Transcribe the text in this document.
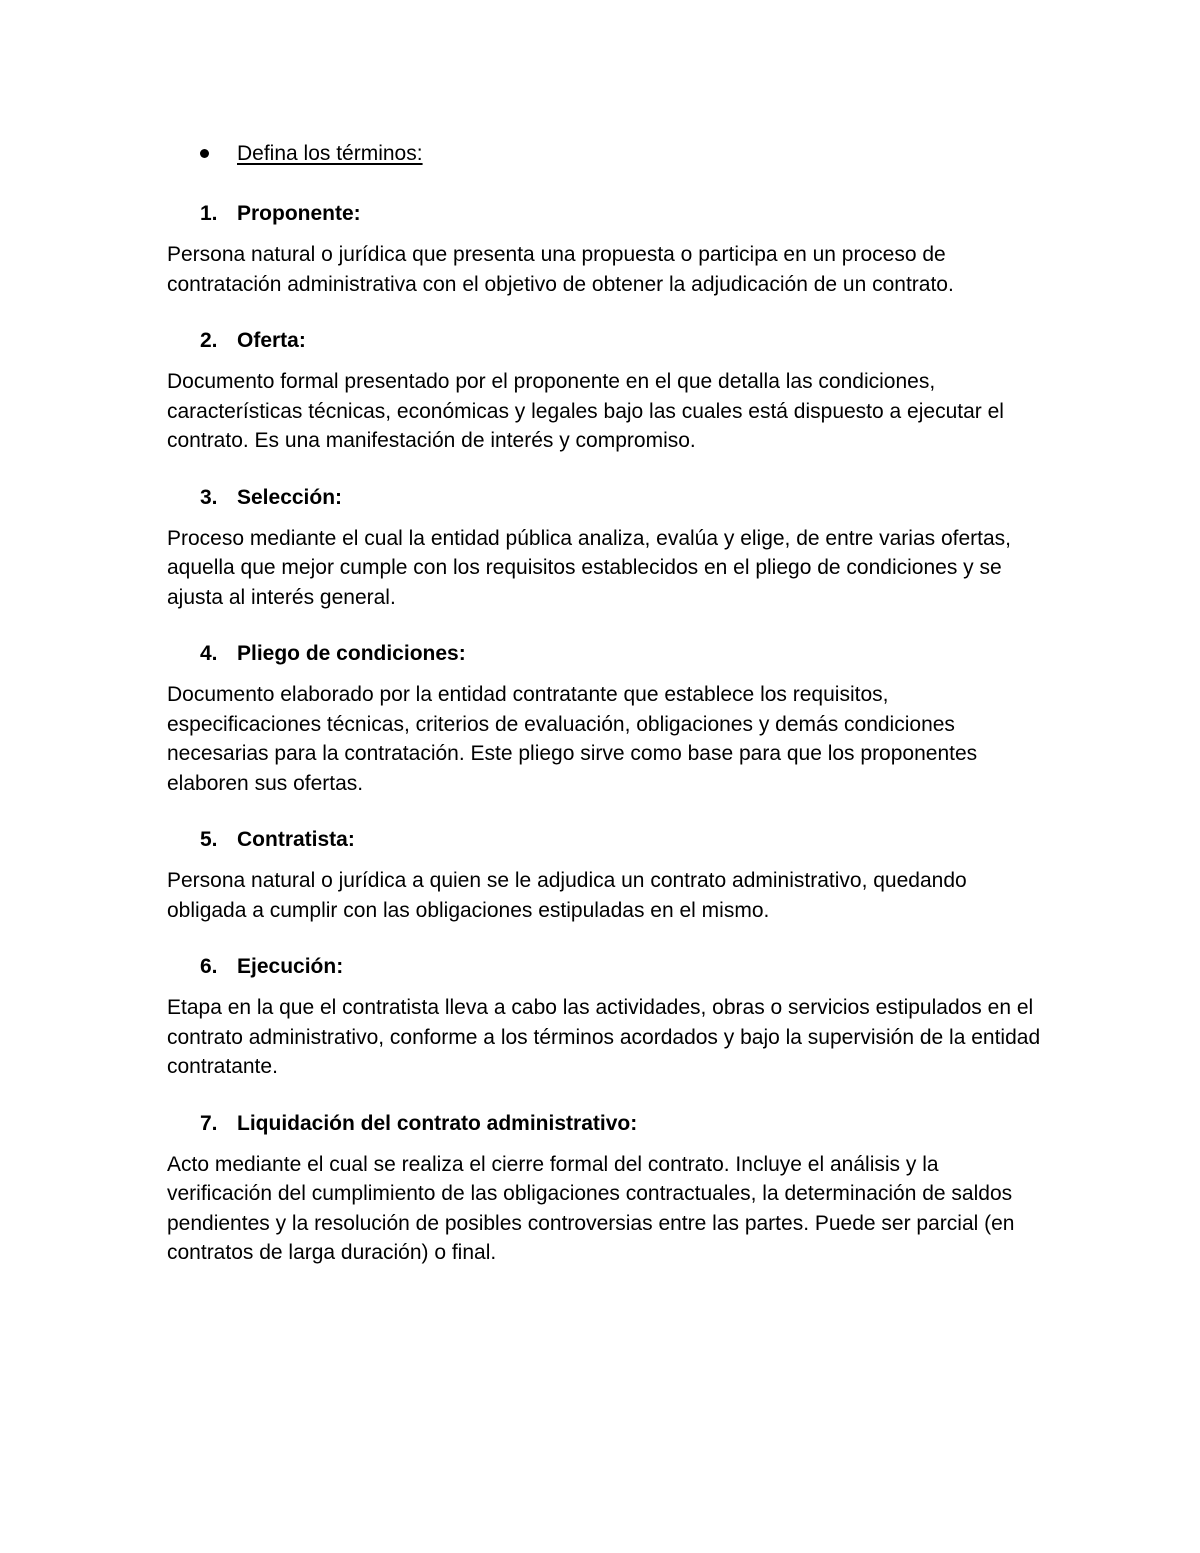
Defina los términos:
1. Proponente:
Persona natural o jurídica que presenta una propuesta o participa en un proceso de contratación administrativa con el objetivo de obtener la adjudicación de un contrato.
2. Oferta:
Documento formal presentado por el proponente en el que detalla las condiciones, características técnicas, económicas y legales bajo las cuales está dispuesto a ejecutar el contrato. Es una manifestación de interés y compromiso.
3. Selección:
Proceso mediante el cual la entidad pública analiza, evalúa y elige, de entre varias ofertas, aquella que mejor cumple con los requisitos establecidos en el pliego de condiciones y se ajusta al interés general.
4. Pliego de condiciones:
Documento elaborado por la entidad contratante que establece los requisitos, especificaciones técnicas, criterios de evaluación, obligaciones y demás condiciones necesarias para la contratación. Este pliego sirve como base para que los proponentes elaboren sus ofertas.
5. Contratista:
Persona natural o jurídica a quien se le adjudica un contrato administrativo, quedando obligada a cumplir con las obligaciones estipuladas en el mismo.
6. Ejecución:
Etapa en la que el contratista lleva a cabo las actividades, obras o servicios estipulados en el contrato administrativo, conforme a los términos acordados y bajo la supervisión de la entidad contratante.
7. Liquidación del contrato administrativo:
Acto mediante el cual se realiza el cierre formal del contrato. Incluye el análisis y la verificación del cumplimiento de las obligaciones contractuales, la determinación de saldos pendientes y la resolución de posibles controversias entre las partes. Puede ser parcial (en contratos de larga duración) o final.
